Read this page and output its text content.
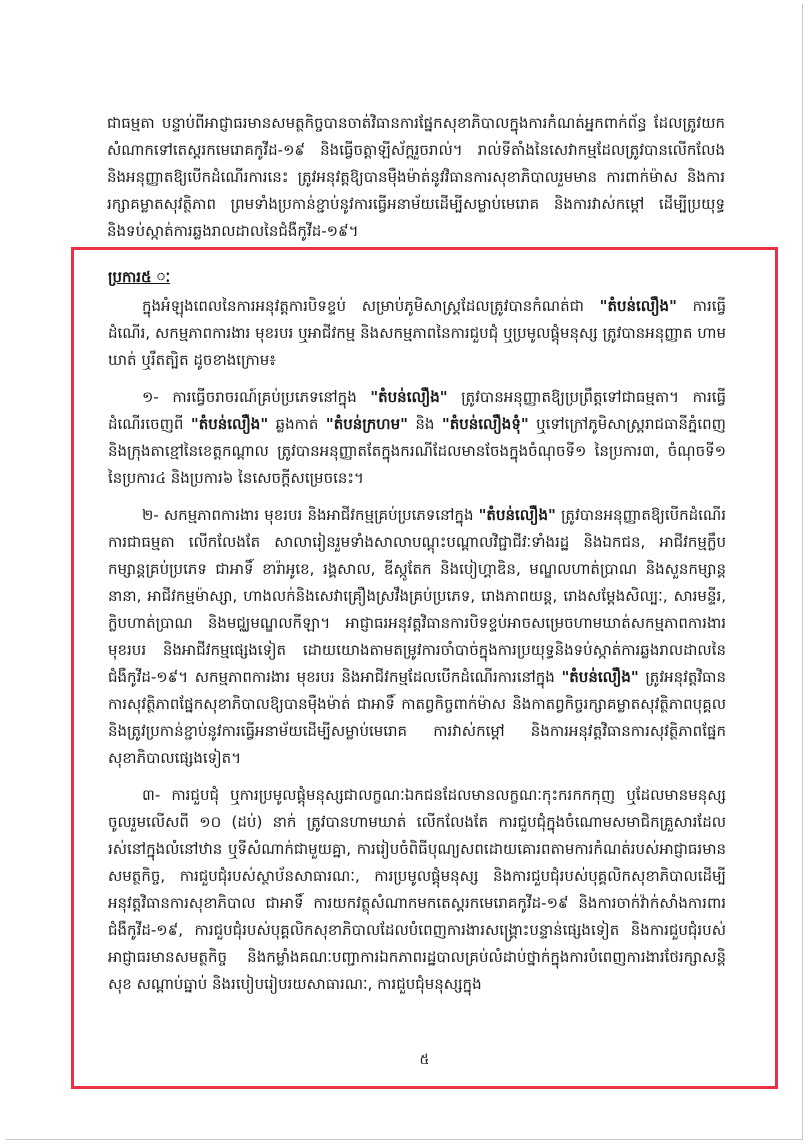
ជាធម្មតា បន្ទាប់ពីអាជ្ញាធរមានសមត្ថកិច្ចបានចាត់វិធានការផ្នែកសុខាភិបាលក្នុងការកំណត់អ្នកពាក់ព័ន្ធ ដែលត្រូវយកសំណាកទៅតេស្តរកមេរោគកូវីដ-១៩ និងធ្វើចត្តាឡីស័ក្តរួចរាល់។ រាល់ទីតាំងនៃសេវាកម្មដែលត្រូវបានលើកលែង និងអនុញ្ញាតឱ្យបើកដំណើរការនេះ ត្រូវអនុវត្តឱ្យបានម៉ឺងម៉ាត់នូវវិធានការសុខាភិបាលរួមមាន ការពាក់ម៉ាស និងការរក្សាគម្លាតសុវត្ថិភាព ព្រមទាំងប្រកាន់ខ្ជាប់នូវការធ្វើអនាម័យដើម្បីសម្លាប់មេរោគ និងការវាស់កម្តៅ ដើម្បីប្រយុទ្ធនិងទប់ស្កាត់ការឆ្លងរាលដាលនៃជំងឺកូវីដ-១៩។

ប្រការ៥ ៈ

ក្នុងអំឡុងពេលនៃការអនុវត្តការបិទខ្ទប់ សម្រាប់ភូមិសាស្ត្រដែលត្រូវបានកំណត់ជា "តំបន់លឿង" ការធ្វើដំណើរ, សកម្មភាពការងារ មុខរបរ ឬអាជីវកម្ម និងសកម្មភាពនៃការជួបជុំ ឬប្រមូលផ្តុំមនុស្ស ត្រូវបានអនុញ្ញាត ហាមឃាត់ ឬរឹតត្បិត ដូចខាងក្រោម៖

១- ការធ្វើចរាចរណ៍គ្រប់ប្រភេទនៅក្នុង "តំបន់លឿង" ត្រូវបានអនុញ្ញាតឱ្យប្រព្រឹត្តទៅជាធម្មតា។ ការធ្វើដំណើរចេញពី "តំបន់លឿង" ឆ្លងកាត់ "តំបន់ក្រហម" និង "តំបន់លឿងទុំ" ឬទៅក្រៅភូមិសាស្ត្ររាជធានីភ្នំពេញ និងក្រុងតាខ្មៅនៃខេត្តកណ្តាល ត្រូវបានអនុញ្ញាតតែក្នុងករណីដែលមានចែងក្នុងចំណុចទី១ នៃប្រការ៣, ចំណុចទី១ នៃប្រការ៤ និងប្រការ៦ នៃសេចក្តីសម្រេចនេះ។

២- សកម្មភាពការងារ មុខរបរ និងអាជីវកម្មគ្រប់ប្រភេទនៅក្នុង "តំបន់លឿង" ត្រូវបានអនុញ្ញាតឱ្យបើកដំណើរការជាធម្មតា លើកលែងតែ សាលារៀនរួមទាំងសាលាបណ្តុះបណ្តាលវិជ្ជាជីវៈទាំងរដ្ឋ និងឯកជន, អាជីវកម្មក្លឹបកម្សាន្តគ្រប់ប្រភេទ ជាអាទិ៍ ខារ៉ាអូខេ, រង្គសាល, ឌីស្កូតែក និងបៀហ្គាឌិន, មណ្ឌលហាត់ប្រាណ និងសួនកម្សាន្តនានា, អាជីវកម្មម៉ាស្សា, ហាងលក់និងសេវាគ្រឿងស្រវឹងគ្រប់ប្រភេទ, រោងភាពយន្ត, រោងសម្តែងសិល្បៈ, សារមន្ទីរ, ក្លិបហាត់ប្រាណ និងមជ្ឈមណ្ឌលកីឡា។ អាជ្ញាធរអនុវត្តវិធានការបិទខ្ទប់អាចសម្រេចហាមឃាត់សកម្មភាពការងារ មុខរបរ និងអាជីវកម្មផ្សេងទៀត ដោយយោងតាមតម្រូវការចាំបាច់ក្នុងការប្រយុទ្ធនិងទប់ស្កាត់ការឆ្លងរាលដាលនៃជំងឺកូវីដ-១៩។ សកម្មភាពការងារ មុខរបរ និងអាជីវកម្មដែលបើកដំណើរការនៅក្នុង "តំបន់លឿង" ត្រូវអនុវត្តវិធានការសុវត្ថិភាពផ្នែកសុខាភិបាលឱ្យបានម៉ឺងម៉ាត់ ជាអាទិ៍ កាតព្វកិច្ចពាក់ម៉ាស និងកាតព្វកិច្ចរក្សាគម្លាតសុវត្ថិភាពបុគ្គល និងត្រូវប្រកាន់ខ្ជាប់នូវការធ្វើអនាម័យដើម្បីសម្លាប់មេរោគ ការវាស់កម្តៅ និងការអនុវត្តវិធានការសុវត្ថិភាពផ្នែកសុខាភិបាលផ្សេងទៀត។

៣- ការជួបជុំ ឬការប្រមូលផ្តុំមនុស្សជាលក្ខណៈឯកជនដែលមានលក្ខណៈកុះករកកកុញ ឬដែលមានមនុស្សចូលរួមលើសពី ១០ (ដប់) នាក់ ត្រូវបានហាមឃាត់ លើកលែងតែ ការជួបជុំក្នុងចំណោមសមាជិកគ្រួសារដែលរស់នៅក្នុងលំនៅឋាន ឬទីសំណាក់ជាមួយគ្នា, ការរៀបចំពិធីបុណ្យសពដោយគោរពតាមការកំណត់របស់អាជ្ញាធរមានសមត្ថកិច្ច, ការជួបជុំរបស់ស្ថាប័នសាធារណៈ, ការប្រមូលផ្តុំមនុស្ស និងការជួបជុំរបស់បុគ្គលិកសុខាភិបាលដើម្បីអនុវត្តវិធានការសុខាភិបាល ជាអាទិ៍ ការយកវត្ថុសំណាកមកតេស្តរកមេរោគកូវីដ-១៩ និងការចាក់វ៉ាក់សាំងការពារជំងឺកូវីដ-១៩, ការជួបជុំរបស់បុគ្គលិកសុខាភិបាលដែលបំពេញការងារសង្គ្រោះបន្ទាន់ផ្សេងទៀត និងការជួបជុំរបស់អាជ្ញាធរមានសមត្ថកិច្ច និងកម្លាំងគណៈបញ្ជាការឯកភាពរដ្ឋបាលគ្រប់លំដាប់ថ្នាក់ក្នុងការបំពេញការងារថែរក្សាសន្តិសុខ សណ្តាប់ធ្នាប់ និងរបៀបរៀបរយសាធារណៈ, ការជួបជុំមនុស្សក្នុង

៥
